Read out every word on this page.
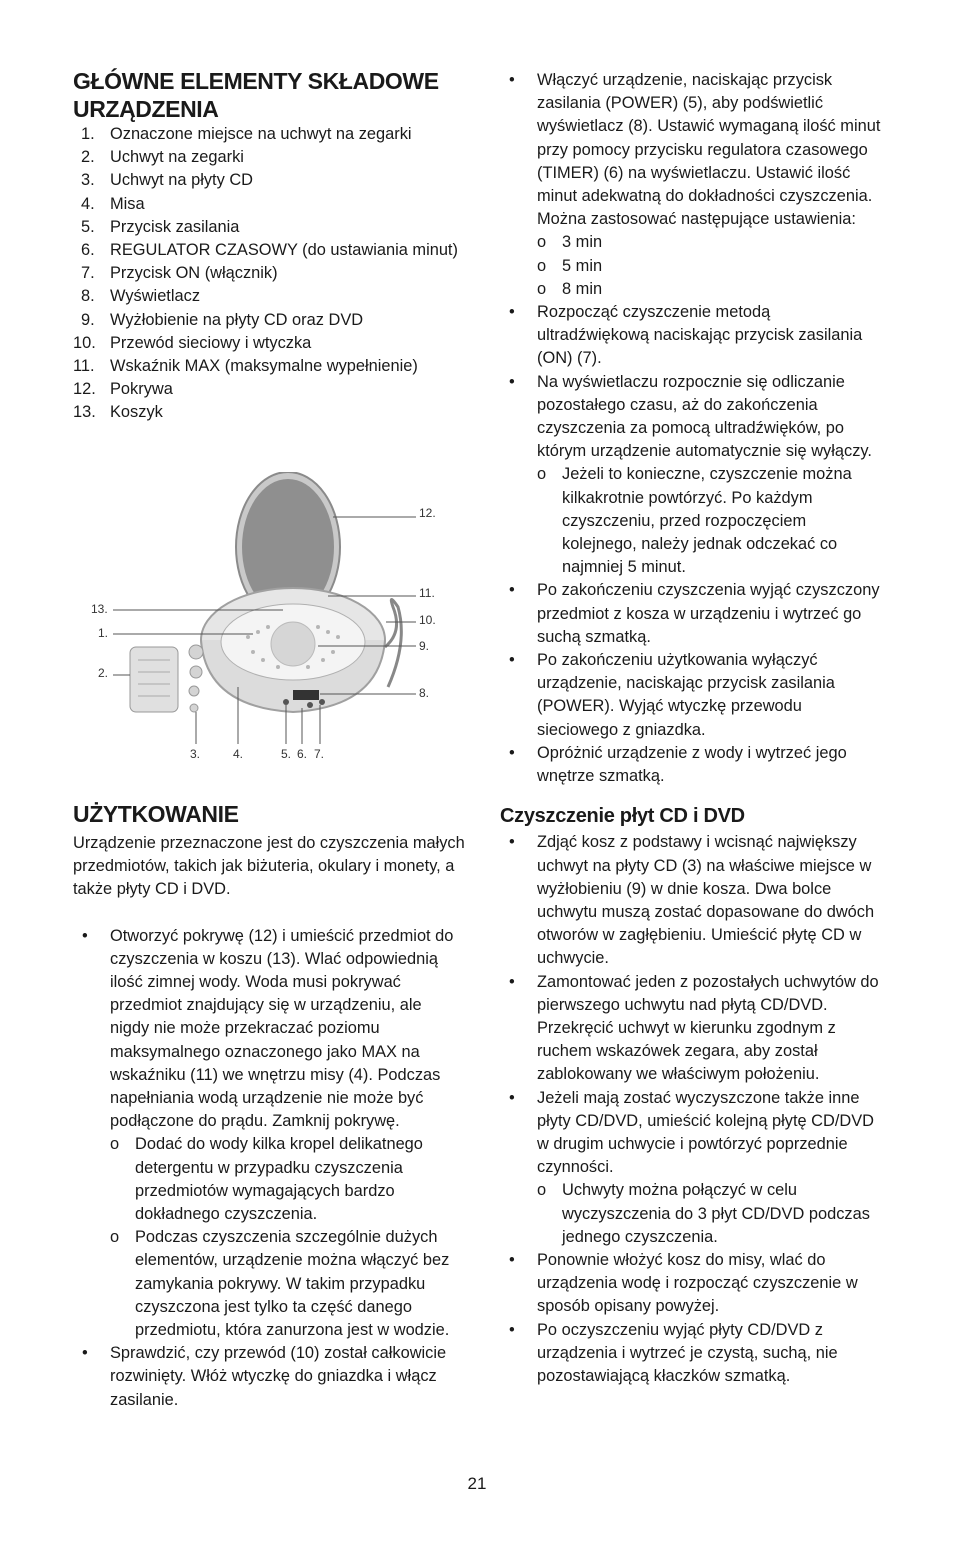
GŁÓWNE ELEMENTY SKŁADOWE URZĄDZENIA
1. Oznaczone miejsce na uchwyt na zegarki
2. Uchwyt na zegarki
3. Uchwyt na płyty CD
4. Misa
5. Przycisk zasilania
6. REGULATOR CZASOWY (do ustawiania minut)
7. Przycisk ON (włącznik)
8. Wyświetlacz
9. Wyżłobienie na płyty CD oraz DVD
10. Przewód sieciowy i wtyczka
11. Wskaźnik MAX (maksymalne wypełnienie)
12. Pokrywa
13. Koszyk
12.
11.
10.
9.
8.
13.
1.
2.
3.	4.	5. 6. 7.
UŻYTKOWANIE

Urządzenie przeznaczone jest do czyszczenia małych przedmiotów, takich jak biżuteria, okulary i monety, a także płyty CD i DVD.

• Otworzyć pokrywę (12) i umieścić przedmiot do czyszczenia w koszu (13). Wlać odpowiednią ilość zimnej wody. Woda musi pokrywać przedmiot znajdujący się w urządzeniu, ale nigdy nie może przekraczać poziomu maksymalnego oznaczonego jako MAX na wskaźniku (11) we wnętrzu misy (4). Podczas napełniania wodą urządzenie nie może być podłączone do prądu. Zamknij pokrywę.
o Dodać do wody kilka kropel delikatnego detergentu w przypadku czyszczenia przedmiotów wymagających bardzo dokładnego czyszczenia.
o Podczas czyszczenia szczególnie dużych elementów, urządzenie można włączyć bez zamykania pokrywy. W takim przypadku czyszczona jest tylko ta część danego przedmiotu, która zanurzona jest w wodzie.
• Sprawdzić, czy przewód (10) został całkowicie rozwinięty. Włóż wtyczkę do gniazdka i włącz zasilanie.
• Włączyć urządzenie, naciskając przycisk zasilania (POWER) (5), aby podświetlić wyświetlacz (8). Ustawić wymaganą ilość minut przy pomocy przycisku regulatora czasowego (TIMER) (6) na wyświetlaczu. Ustawić ilość minut adekwatną do dokładności czyszczenia. Można zastosować następujące ustawienia:
o 3 min
o 5 min
o 8 min
• Rozpocząć czyszczenie metodą ultradźwiękową naciskając przycisk zasilania (ON) (7).
• Na wyświetlaczu rozpocznie się odliczanie pozostałego czasu, aż do zakończenia czyszczenia za pomocą ultradźwięków, po którym urządzenie automatycznie się wyłączy.
o Jeżeli to konieczne, czyszczenie można kilkakrotnie powtórzyć. Po każdym czyszczeniu, przed rozpoczęciem kolejnego, należy jednak odczekać co najmniej 5 minut.
• Po zakończeniu czyszczenia wyjąć czyszczony przedmiot z kosza w urządzeniu i wytrzeć go suchą szmatką.
• Po zakończeniu użytkowania wyłączyć urządzenie, naciskając przycisk zasilania (POWER). Wyjąć wtyczkę przewodu sieciowego z gniazdka.
• Opróżnić urządzenie z wody i wytrzeć jego wnętrze szmatką.
Czyszczenie płyt CD i DVD
• Zdjąć kosz z podstawy i wcisnąć największy uchwyt na płyty CD (3) na właściwe miejsce w wyżłobieniu (9) w dnie kosza. Dwa bolce uchwytu muszą zostać dopasowane do dwóch otworów w zagłębieniu. Umieścić płytę CD w uchwycie.
• Zamontować jeden z pozostałych uchwytów do pierwszego uchwytu nad płytą CD/DVD. Przekręcić uchwyt w kierunku zgodnym z ruchem wskazówek zegara, aby został zablokowany we właściwym położeniu.
• Jeżeli mają zostać wyczyszczone także inne płyty CD/DVD, umieścić kolejną płytę CD/DVD w drugim uchwycie i powtórzyć poprzednie czynności.
o Uchwyty można połączyć w celu wyczyszczenia do 3 płyt CD/DVD podczas jednego czyszczenia.
• Ponownie włożyć kosz do misy, wlać do urządzenia wodę i rozpocząć czyszczenie w sposób opisany powyżej.
• Po oczyszczeniu wyjąć płyty CD/DVD z urządzenia i wytrzeć je czystą, suchą, nie pozostawiającą kłaczków szmatką.
21
